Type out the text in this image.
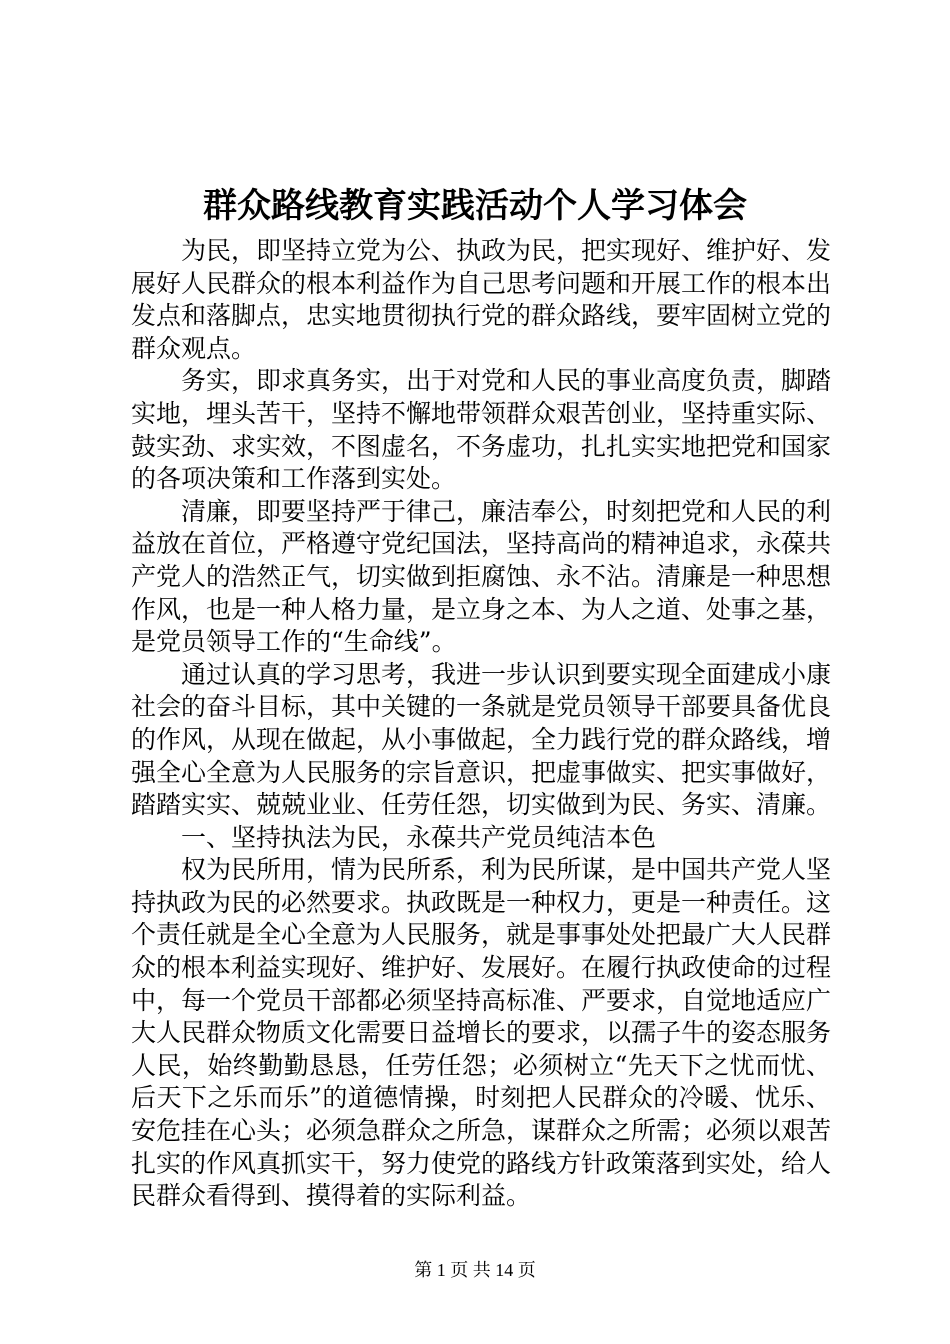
群众路线教育实践活动个人学习体会

为民，即坚持立党为公、执政为民，把实现好、维护好、发展好人民群众的根本利益作为自己思考问题和开展工作的根本出发点和落脚点，忠实地贯彻执行党的群众路线，要牢固树立党的群众观点。

务实，即求真务实，出于对党和人民的事业高度负责，脚踏实地，埋头苦干，坚持不懈地带领群众艰苦创业，坚持重实际、鼓实劲、求实效，不图虚名，不务虚功，扎扎实实地把党和国家的各项决策和工作落到实处。

清廉，即要坚持严于律己，廉洁奉公，时刻把党和人民的利益放在首位，严格遵守党纪国法，坚持高尚的精神追求，永葆共产党人的浩然正气，切实做到拒腐蚀、永不沾。清廉是一种思想作风，也是一种人格力量，是立身之本、为人之道、处事之基，是党员领导工作的“生命线”。

通过认真的学习思考，我进一步认识到要实现全面建成小康社会的奋斗目标，其中关键的一条就是党员领导干部要具备优良的作风，从现在做起，从小事做起，全力践行党的群众路线，增强全心全意为人民服务的宗旨意识，把虚事做实、把实事做好，踏踏实实、兢兢业业、任劳任怨，切实做到为民、务实、清廉。

一、坚持执法为民，永葆共产党员纯洁本色

权为民所用，情为民所系，利为民所谋，是中国共产党人坚持执政为民的必然要求。执政既是一种权力，更是一种责任。这个责任就是全心全意为人民服务，就是事事处处把最广大人民群众的根本利益实现好、维护好、发展好。在履行执政使命的过程中，每一个党员干部都必须坚持高标准、严要求，自觉地适应广大人民群众物质文化需要日益增长的要求，以孺子牛的姿态服务人民，始终勤勤恳恳，任劳任怨；必须树立“先天下之忧而忧、后天下之乐而乐”的道德情操，时刻把人民群众的冷暖、忧乐、安危挂在心头；必须急群众之所急，谋群众之所需；必须以艰苦扎实的作风真抓实干，努力使党的路线方针政策落到实处，给人民群众看得到、摸得着的实际利益。

第 1 页 共 14 页
